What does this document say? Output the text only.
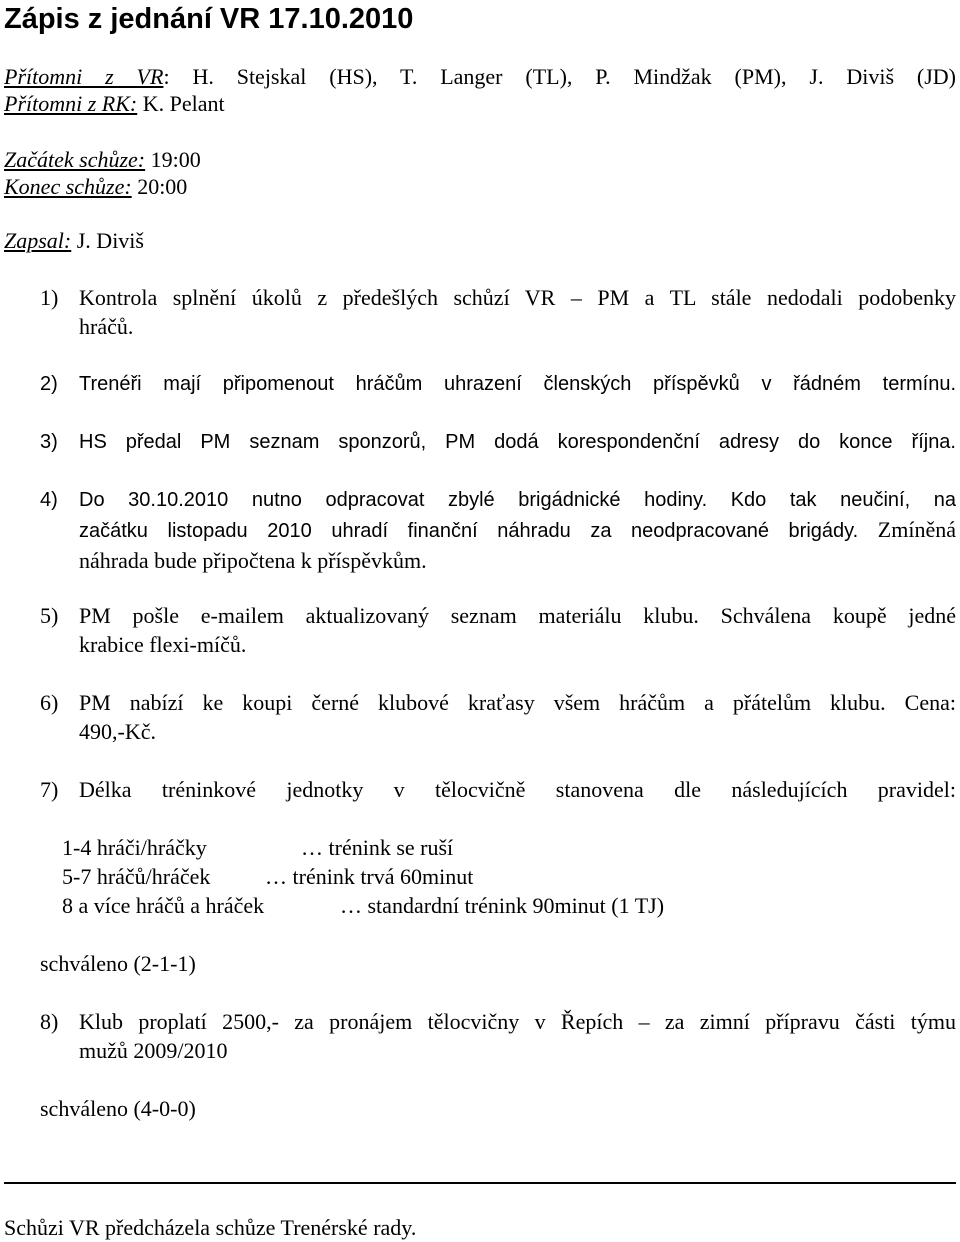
Zápis z jednání VR 17.10.2010
Přítomni z VR: H. Stejskal (HS), T. Langer (TL), P. Mindžak (PM), J. Diviš (JD)
Přítomni z RK: K. Pelant
Začátek schůze: 19:00
Konec schůze: 20:00
Zapsal: J. Diviš
1) Kontrola splnění úkolů z předešlých schůzí VR – PM a TL stále nedodali podobenky
hráčů.
2)	Trenéři mají připomenout hráčům uhrazení členských příspěvků v řádném termínu.
3)	HS předal PM seznam sponzorů, PM dodá korespondenční adresy do konce října.
4)	Do 30.10.2010 nutno odpracovat zbylé brigádnické hodiny. Kdo tak neučiní, na
začátku listopadu 2010 uhradí finanční náhradu za neodpracované brigády. Zmíněná
náhrada bude připočtena k příspěvkům.
5) PM pošle e-mailem aktualizovaný seznam materiálu klubu. Schválena koupě jedné
krabice flexi-míčů.
6) PM nabízí ke koupi černé klubové kraťasy všem hráčům a přátelům klubu. Cena:
490,-Kč.
7) Délka tréninkové jednotky v tělocvičně stanovena dle následujících pravidel:
1-4 hráči/hráčky	… trénink se ruší
5-7 hráčů/hráček … trénink trvá 60minut
8 a více hráčů a hráček	… standardní trénink 90minut (1 TJ)
schváleno (2-1-1)
8) Klub proplatí 2500,- za pronájem tělocvičny v Řepích – za zimní přípravu části týmu
mužů 2009/2010
schváleno (4-0-0)
Schůzi VR předcházela schůze Trenérské rady.
